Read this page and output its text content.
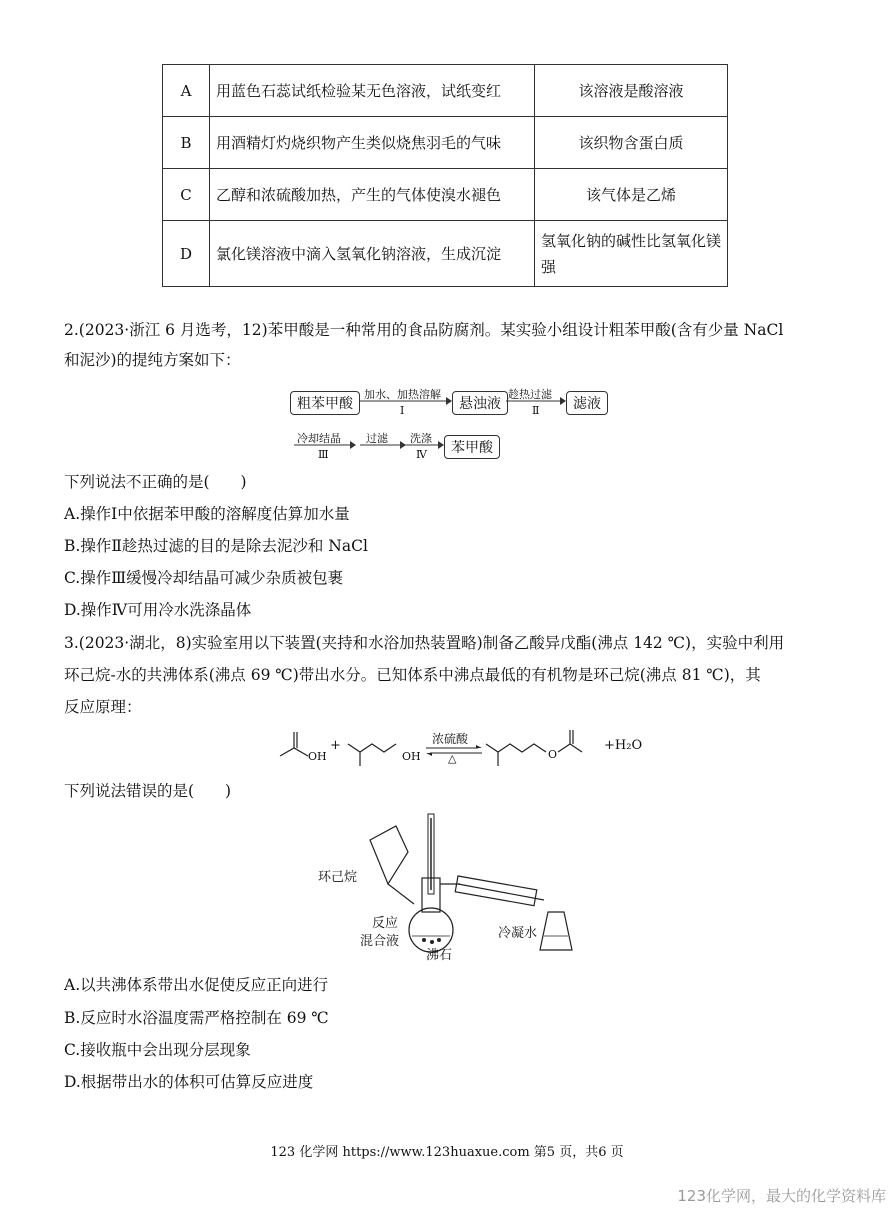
A	用蓝色石蕊试纸检验某无色溶液，试纸变红	该溶液是酸溶液
B	用酒精灯灼烧织物产生类似烧焦羽毛的气味	该织物含蛋白质
C	乙醇和浓硫酸加热，产生的气体使溴水褪色	该气体是乙烯
D	氯化镁溶液中滴入氢氧化钠溶液，生成沉淀	氢氧化钠的碱性比氢氧化镁强
2.(2023·浙江 6 月选考，12)苯甲酸是一种常用的食品防腐剂。某实验小组设计粗苯甲酸(含有少量 NaCl
和泥沙)的提纯方案如下：
粗苯甲酸
加水、加热溶解
Ⅰ	悬浊液
趁热过滤
Ⅱ	滤液
冷却结晶
Ⅲ
过滤 洗涤
Ⅳ	苯甲酸
下列说法不正确的是(　　)
A.操作Ⅰ中依据苯甲酸的溶解度估算加水量
B.操作Ⅱ趁热过滤的目的是除去泥沙和 NaCl
C.操作Ⅲ缓慢冷却结晶可减少杂质被包裹
D.操作Ⅳ可用冷水洗涤晶体
3.(2023·湖北，8)实验室用以下装置(夹持和水浴加热装置略)制备乙酸异戊酯(沸点 142 ℃)，实验中利用
环己烷-水的共沸体系(沸点 69 ℃)带出水分。已知体系中沸点最低的有机物是环己烷(沸点 81 ℃)，其
反应原理：
OH
+
OH
浓硫酸
△	O
+H₂O
下列说法错误的是(　　)
环己烷
反应
混合液
沸石
冷凝水
A.以共沸体系带出水促使反应正向进行
B.反应时水浴温度需严格控制在 69 ℃
C.接收瓶中会出现分层现象
D.根据带出水的体积可估算反应进度
123 化学网 https://www.123huaxue.com 第5 页，共6 页
123化学网，最大的化学资料库
